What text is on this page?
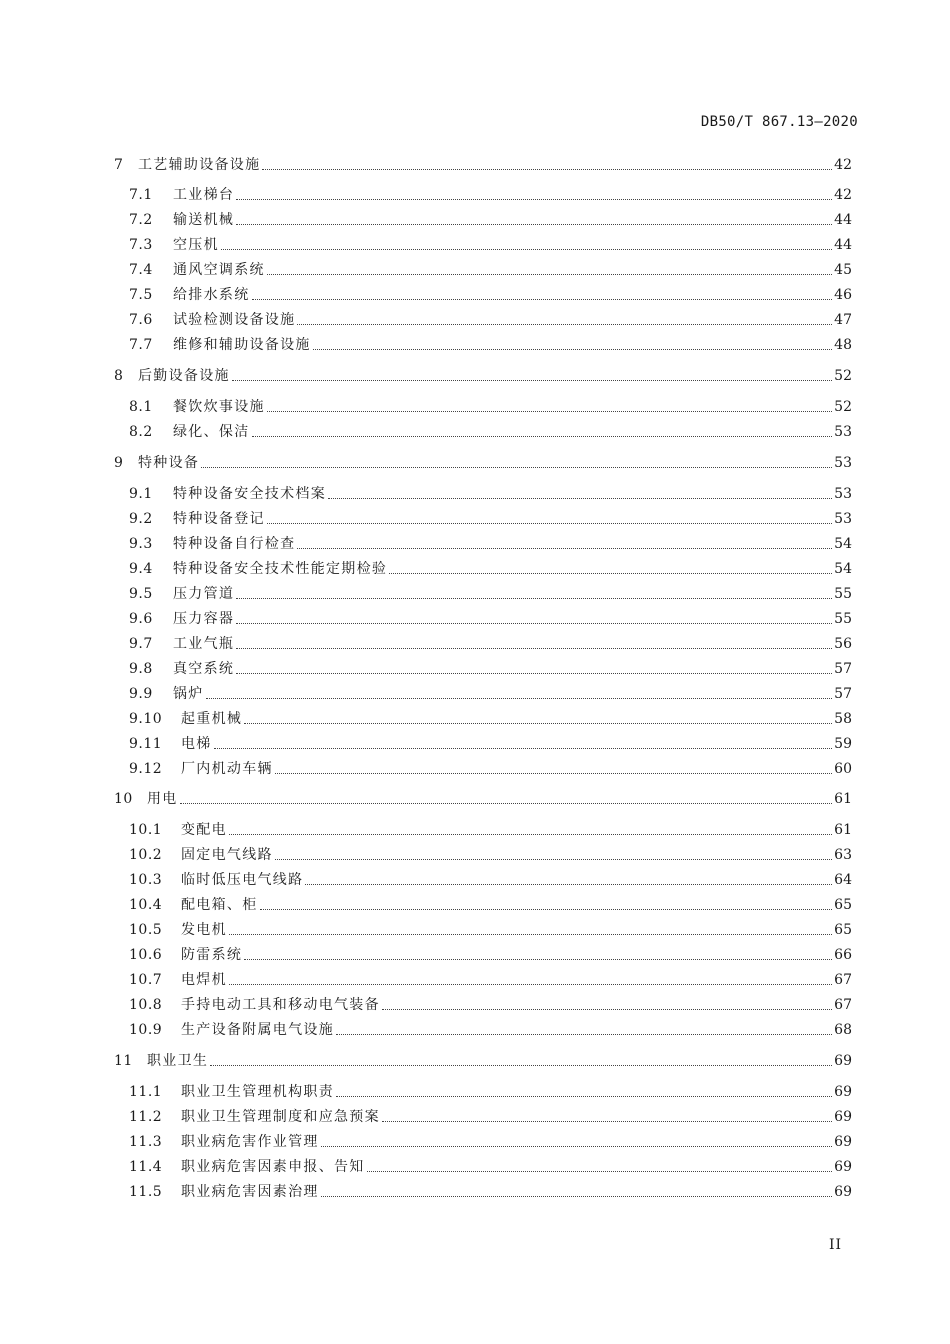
DB50/T 867.13—2020
7	工艺辅助设备设施	42
7.1	工业梯台	42
7.2	输送机械	44
7.3	空压机	44
7.4	通风空调系统	45
7.5	给排水系统	46
7.6	试验检测设备设施	47
7.7	维修和辅助设备设施	48
8	后勤设备设施	52
8.1	餐饮炊事设施	52
8.2	绿化、保洁	53
9	特种设备	53
9.1	特种设备安全技术档案	53
9.2	特种设备登记	53
9.3	特种设备自行检查	54
9.4	特种设备安全技术性能定期检验	54
9.5	压力管道	55
9.6	压力容器	55
9.7	工业气瓶	56
9.8	真空系统	57
9.9	锅炉	57
9.10	起重机械	58
9.11	电梯	59
9.12	厂内机动车辆	60
10	用电	61
10.1	变配电	61
10.2	固定电气线路	63
10.3	临时低压电气线路	64
10.4	配电箱、柜	65
10.5	发电机	65
10.6	防雷系统	66
10.7	电焊机	67
10.8	手持电动工具和移动电气装备	67
10.9	生产设备附属电气设施	68
11	职业卫生	69
11.1	职业卫生管理机构职责	69
11.2	职业卫生管理制度和应急预案	69
11.3	职业病危害作业管理	69
11.4	职业病危害因素申报、告知	69
11.5	职业病危害因素治理	69
II
